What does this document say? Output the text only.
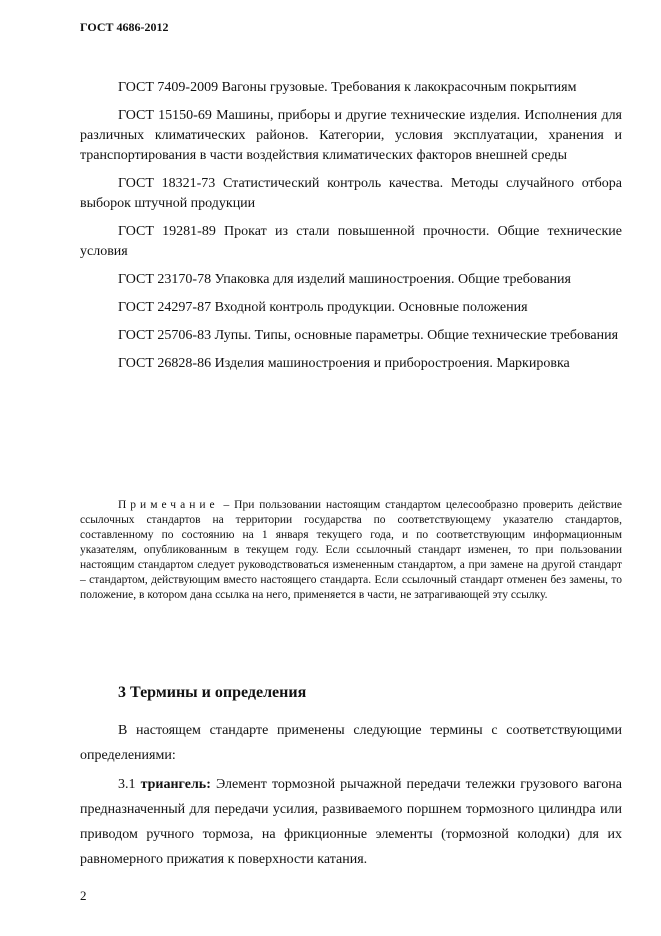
ГОСТ 4686-2012

ГОСТ 7409-2009 Вагоны грузовые. Требования к лакокрасочным покрытиям

ГОСТ 15150-69 Машины, приборы и другие технические изделия. Исполнения для различных климатических районов. Категории, условия эксплуатации, хранения и транспортирования в части воздействия климатических факторов внешней среды

ГОСТ 18321-73 Статистический контроль качества. Методы случайного отбора выборок штучной продукции

ГОСТ 19281-89 Прокат из стали повышенной прочности. Общие технические условия

ГОСТ 23170-78 Упаковка для изделий машиностроения. Общие требования

ГОСТ 24297-87 Входной контроль продукции. Основные положения

ГОСТ 25706-83 Лупы. Типы, основные параметры. Общие технические требования

ГОСТ 26828-86 Изделия машиностроения и приборостроения. Маркировка

Примечание – При пользовании настоящим стандартом целесообразно проверить действие ссылочных стандартов на территории государства по соответствующему указателю стандартов, составленному по состоянию на 1 января текущего года, и по соответствующим информационным указателям, опубликованным в текущем году. Если ссылочный стандарт изменен, то при пользовании настоящим стандартом следует руководствоваться измененным стандартом, а при замене на другой стандарт – стандартом, действующим вместо настоящего стандарта. Если ссылочный стандарт отменен без замены, то положение, в котором дана ссылка на него, применяется в части, не затрагивающей эту ссылку.

3 Термины и определения

В настоящем стандарте применены следующие термины с соответствующими определениями:

3.1 триангель: Элемент тормозной рычажной передачи тележки грузового вагона предназначенный для передачи усилия, развиваемого поршнем тормозного цилиндра или приводом ручного тормоза, на фрикционные элементы (тормозной колодки) для их равномерного прижатия к поверхности катания.

2
